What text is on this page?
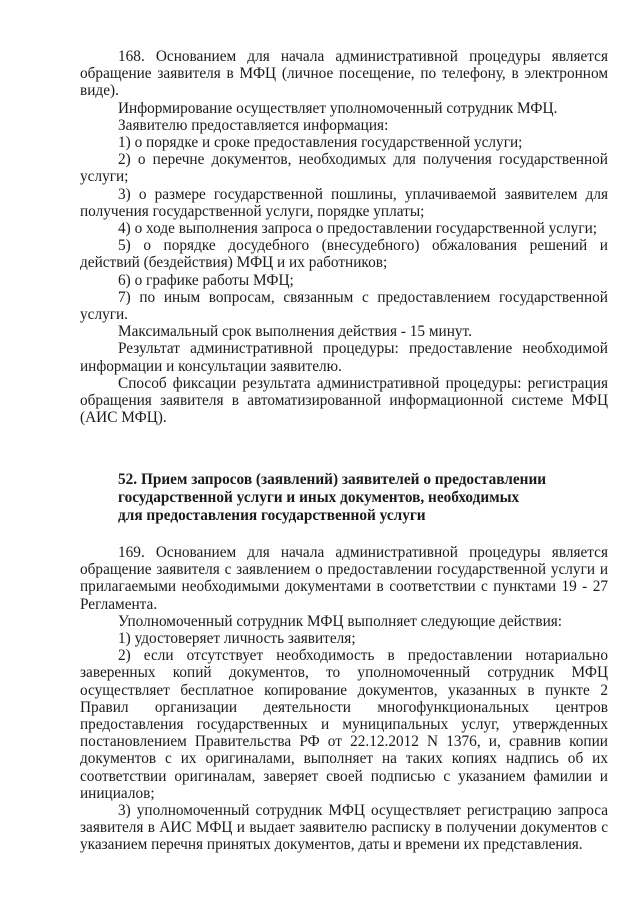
168. Основанием для начала административной процедуры является обращение заявителя в МФЦ (личное посещение, по телефону, в электронном виде).

Информирование осуществляет уполномоченный сотрудник МФЦ.

Заявителю предоставляется информация:

1) о порядке и сроке предоставления государственной услуги;

2) о перечне документов, необходимых для получения государственной услуги;

3) о размере государственной пошлины, уплачиваемой заявителем для получения государственной услуги, порядке уплаты;

4) о ходе выполнения запроса о предоставлении государственной услуги;

5) о порядке досудебного (внесудебного) обжалования решений и действий (бездействия) МФЦ и их работников;

6) о графике работы МФЦ;

7) по иным вопросам, связанным с предоставлением государственной услуги.

Максимальный срок выполнения действия - 15 минут.

Результат административной процедуры: предоставление необходимой информации и консультации заявителю.

Способ фиксации результата административной процедуры: регистрация обращения заявителя в автоматизированной информационной системе МФЦ (АИС МФЦ).

52. Прием запросов (заявлений) заявителей о предоставлении
государственной услуги и иных документов, необходимых
для предоставления государственной услуги

169. Основанием для начала административной процедуры является обращение заявителя с заявлением о предоставлении государственной услуги и прилагаемыми необходимыми документами в соответствии с пунктами 19 - 27 Регламента.

Уполномоченный сотрудник МФЦ выполняет следующие действия:

1) удостоверяет личность заявителя;

2) если отсутствует необходимость в предоставлении нотариально заверенных копий документов, то уполномоченный сотрудник МФЦ осуществляет бесплатное копирование документов, указанных в пункте 2 Правил организации деятельности многофункциональных центров предоставления государственных и муниципальных услуг, утвержденных постановлением Правительства РФ от 22.12.2012 N 1376, и, сравнив копии документов с их оригиналами, выполняет на таких копиях надпись об их соответствии оригиналам, заверяет своей подписью с указанием фамилии и инициалов;

3) уполномоченный сотрудник МФЦ осуществляет регистрацию запроса заявителя в АИС МФЦ и выдает заявителю расписку в получении документов с указанием перечня принятых документов, даты и времени их представления.
